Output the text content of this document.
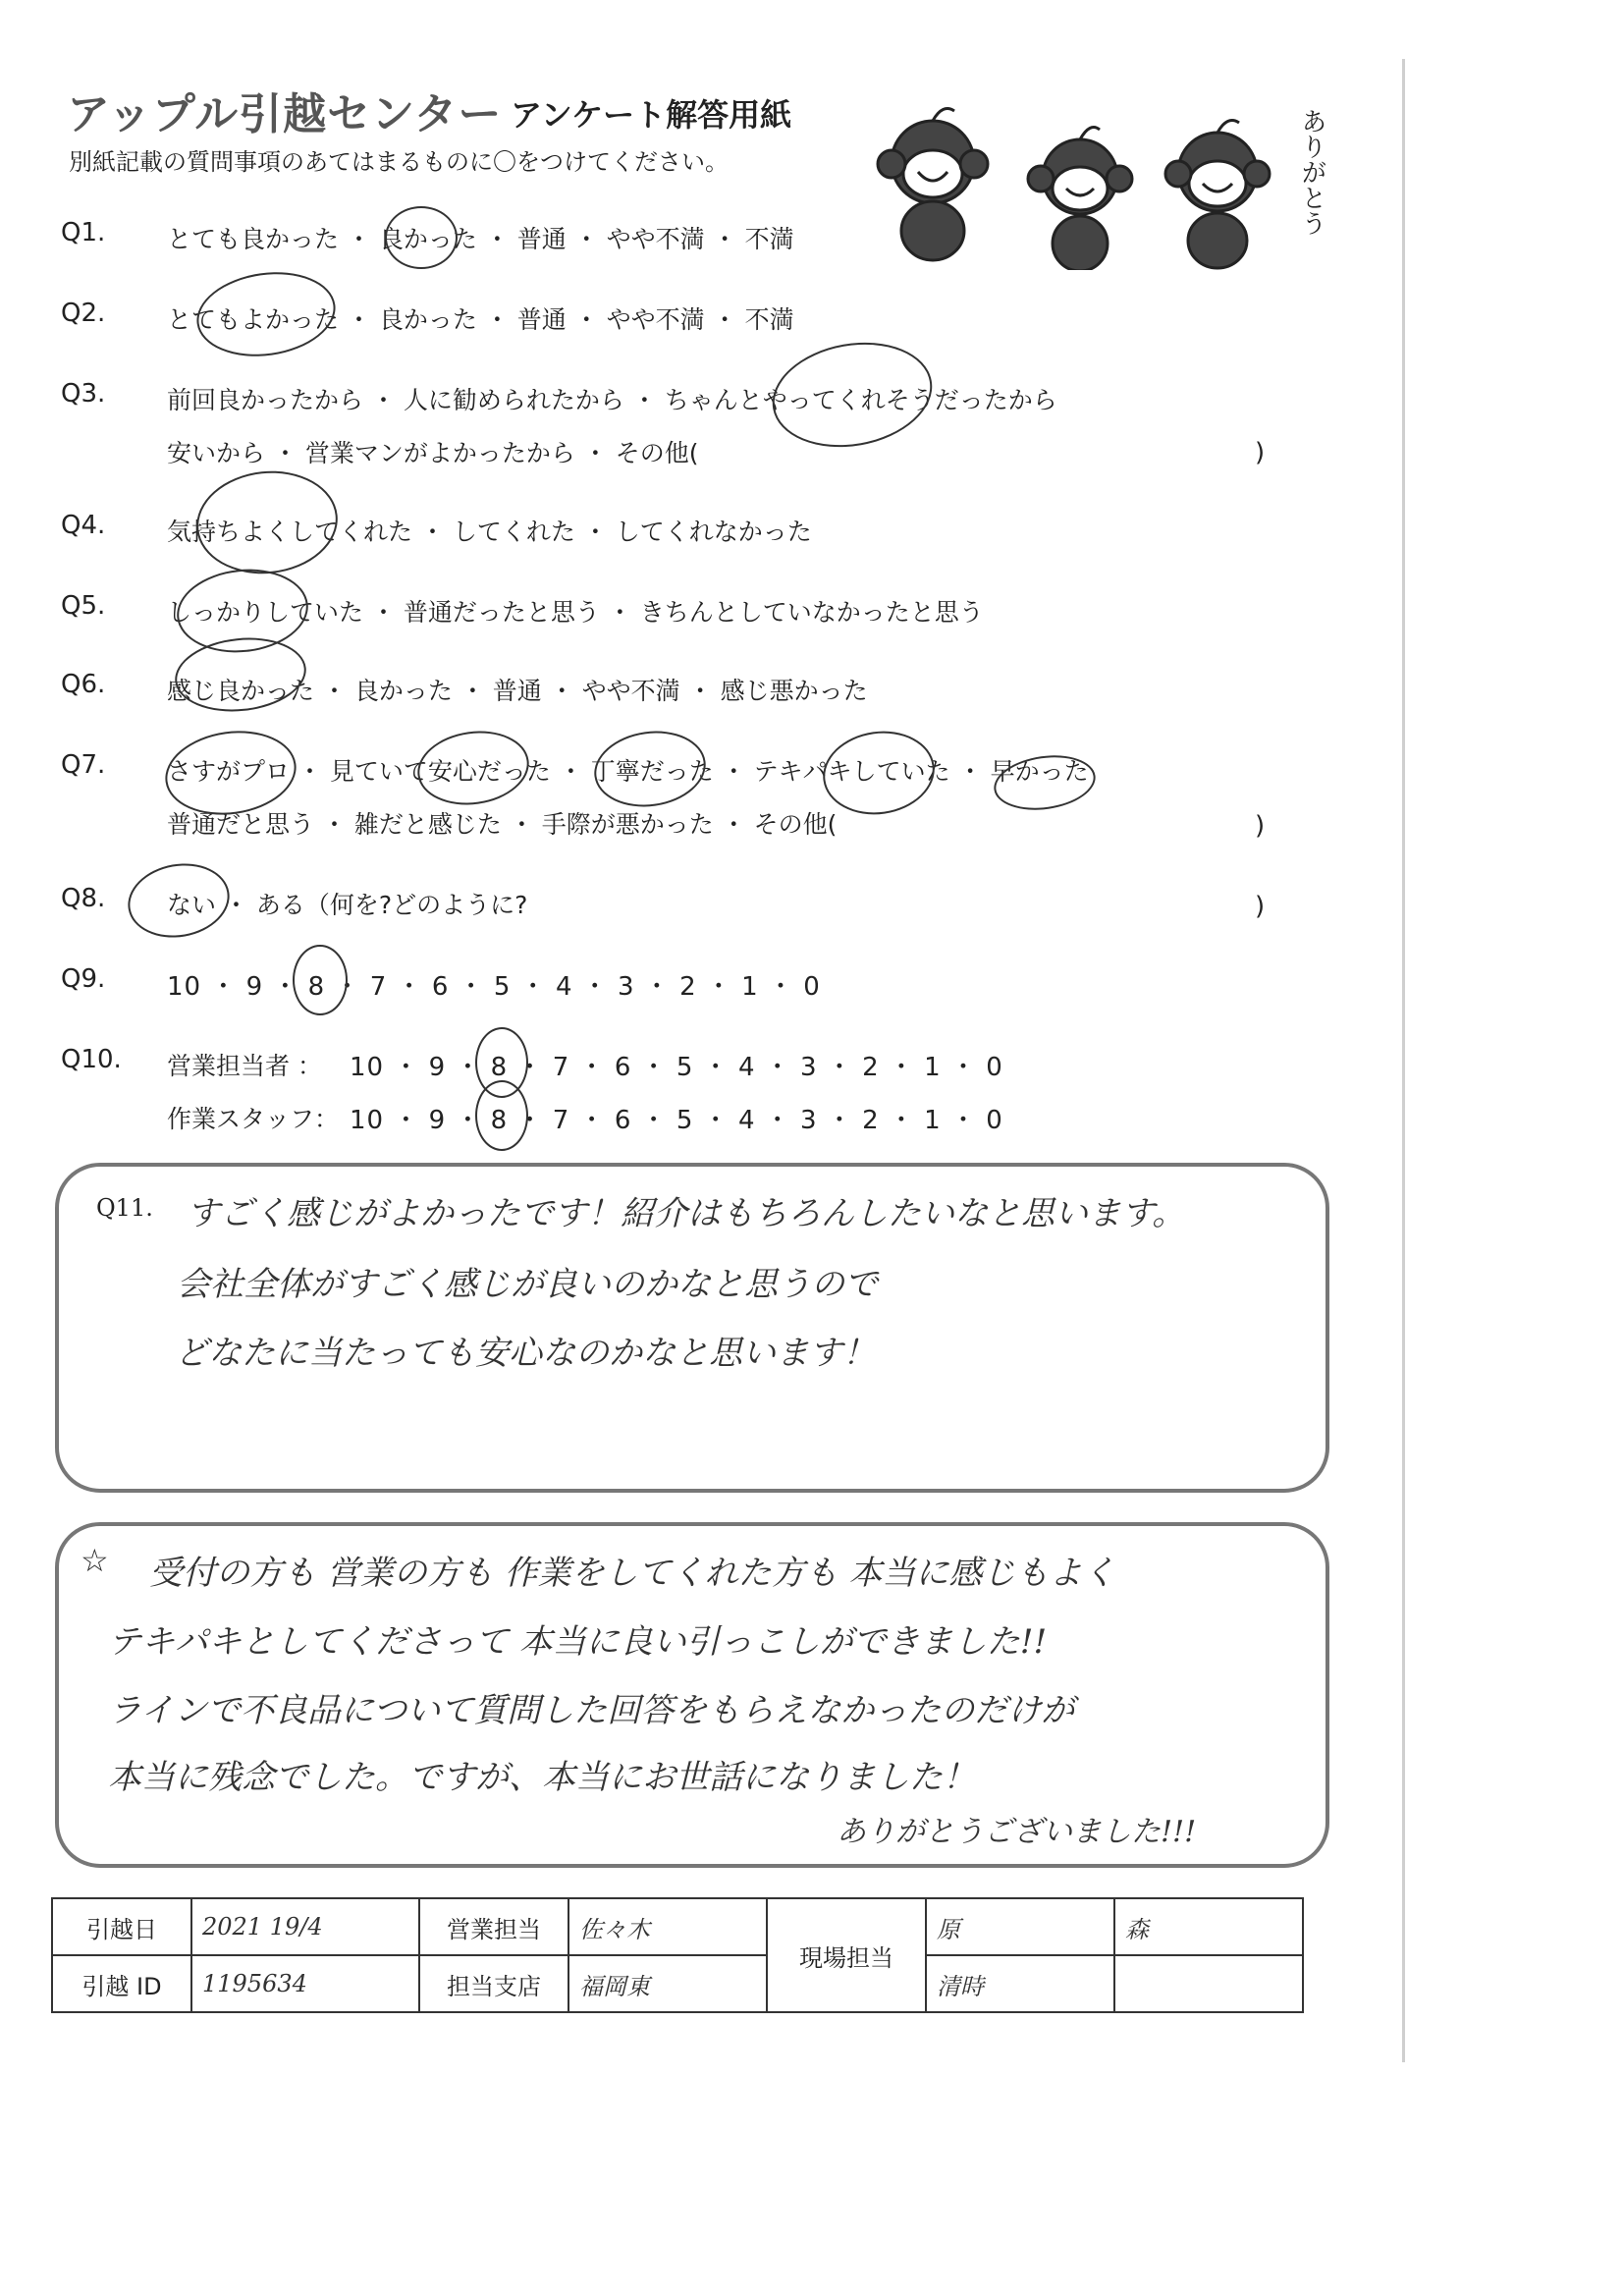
アップル引越センター アンケート解答用紙
別紙記載の質問事項のあてはまるものに〇をつけてください。	ありがとう
Q1.	とても良かった ・ 良かった ・ 普通 ・ やや不満 ・ 不満
Q2.	とてもよかった ・ 良かった ・ 普通 ・ やや不満 ・ 不満
Q3.	前回良かったから ・ 人に勧められたから ・ ちゃんとやってくれそうだったから
安いから ・ 営業マンがよかったから ・ その他(	)
Q4.	気持ちよくしてくれた ・ してくれた ・ してくれなかった
Q5.	しっかりしていた ・ 普通だったと思う ・ きちんとしていなかったと思う
Q6.	感じ良かった ・ 良かった ・ 普通 ・ やや不満 ・ 感じ悪かった
Q7.	さすがプロ ・ 見ていて安心だった ・ 丁寧だった ・ テキパキしていた ・ 早かった
普通だと思う ・ 雑だと感じた ・ 手際が悪かった ・ その他(	)
Q8.	ない ・ ある（何を?どのように?	)
Q9. 10 ・ 9 ・ 8 ・ 7 ・ 6 ・ 5 ・ 4 ・ 3 ・ 2 ・ 1 ・ 0
Q10. 営業担当者 ： 10 ・ 9 ・ 8 ・ 7 ・ 6 ・ 5 ・ 4 ・ 3 ・ 2 ・ 1 ・ 0
作業スタッフ： 10 ・ 9 ・ 8 ・ 7 ・ 6 ・ 5 ・ 4 ・ 3 ・ 2 ・ 1 ・ 0
Q11. すごく感じがよかったです！紹介はもちろんしたいなと思います。
会社全体がすごく感じが良いのかなと思うので
どなたに当たっても安心なのかなと思います！
☆ 受付の方も 営業の方も 作業をしてくれた方も 本当に感じもよく
テキパキとしてくださって 本当に良い引っこしができました!!
ラインで不良品について質問した回答をもらえなかったのだけが
本当に残念でした。ですが、本当にお世話になりました！
ありがとうございました!!!
引越日	2021 19/4	営業担当	佐々木	現場担当	原	森
引越 ID	1195634	担当支店	福岡東		清時	
